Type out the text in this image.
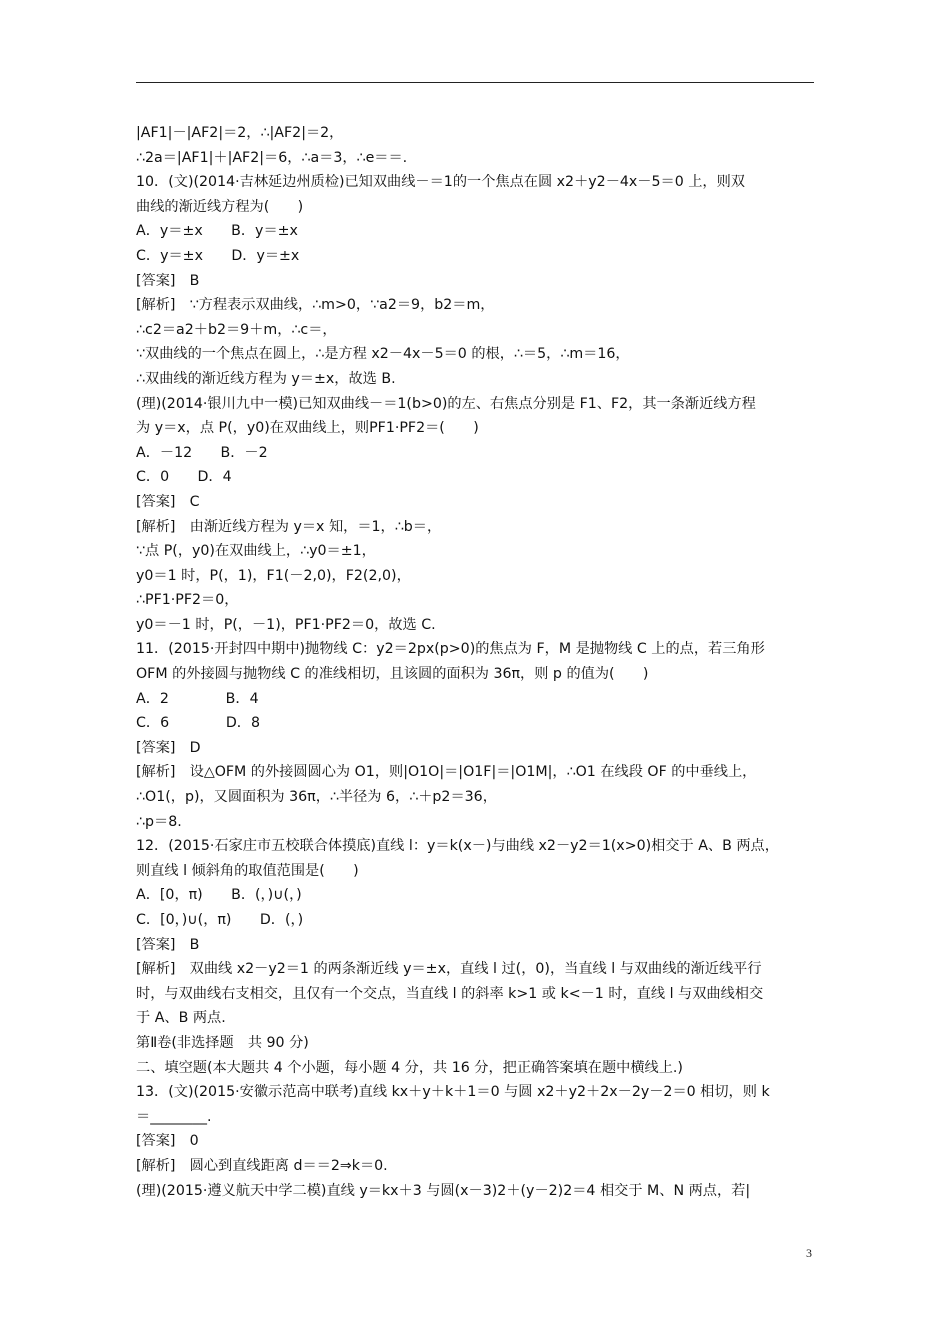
|AF1|－|AF2|＝2，∴|AF2|＝2，
∴2a＝|AF1|＋|AF2|＝6，∴a＝3，∴e＝＝.
10．(文)(2014·吉林延边州质检)已知双曲线－＝1的一个焦点在圆 x2＋y2－4x－5＝0 上，则双
曲线的渐近线方程为(　　)
A．y＝±x　　B．y＝±x
C．y＝±x　　D．y＝±x
[答案]　B
[解析]　∵方程表示双曲线，∴m>0，∵a2＝9，b2＝m，
∴c2＝a2＋b2＝9＋m，∴c＝，
∵双曲线的一个焦点在圆上，∴是方程 x2－4x－5＝0 的根，∴＝5，∴m＝16，
∴双曲线的渐近线方程为 y＝±x，故选 B.
(理)(2014·银川九中一模)已知双曲线－＝1(b>0)的左、右焦点分别是 F1、F2，其一条渐近线方程
为 y＝x，点 P(，y0)在双曲线上，则PF1·PF2＝(　　)
A．－12　　B．－2
C．0　　D．4
[答案]　C
[解析]　由渐近线方程为 y＝x 知，＝1，∴b＝，
∵点 P(，y0)在双曲线上，∴y0＝±1，
y0＝1 时，P(，1)，F1(－2,0)，F2(2,0)，
∴PF1·PF2＝0，
y0＝－1 时，P(，－1)，PF1·PF2＝0，故选 C.
11．(2015·开封四中期中)抛物线 C：y2＝2px(p>0)的焦点为 F，M 是抛物线 C 上的点，若三角形
OFM 的外接圆与抛物线 C 的准线相切，且该圆的面积为 36π，则 p 的值为(　　)
A．2　　　　B．4
C．6　　　　D．8
[答案]　D
[解析]　设△OFM 的外接圆圆心为 O1，则|O1O|＝|O1F|＝|O1M|，∴O1 在线段 OF 的中垂线上，
∴O1(，p)，又圆面积为 36π，∴半径为 6，∴＋p2＝36，
∴p＝8.
12．(2015·石家庄市五校联合体摸底)直线 l：y＝k(x－)与曲线 x2－y2＝1(x>0)相交于 A、B 两点，
则直线 l 倾斜角的取值范围是(　　)
A．[0，π)　　B．(，)∪(，)
C．[0，)∪(，π)　　D．(，)
[答案]　B
[解析]　双曲线 x2－y2＝1 的两条渐近线 y＝±x，直线 l 过(，0)，当直线 l 与双曲线的渐近线平行
时，与双曲线右支相交，且仅有一个交点，当直线 l 的斜率 k>1 或 k<－1 时，直线 l 与双曲线相交
于 A、B 两点.
第Ⅱ卷(非选择题　共 90 分)
二、填空题(本大题共 4 个小题，每小题 4 分，共 16 分，把正确答案填在题中横线上.)
13．(文)(2015·安徽示范高中联考)直线 kx＋y＋k＋1＝0 与圆 x2＋y2＋2x－2y－2＝0 相切，则 k
＝________.
[答案]　0
[解析]　圆心到直线距离 d＝＝2⇒k＝0.
(理)(2015·遵义航天中学二模)直线 y＝kx＋3 与圆(x－3)2＋(y－2)2＝4 相交于 M、N 两点，若|
3
